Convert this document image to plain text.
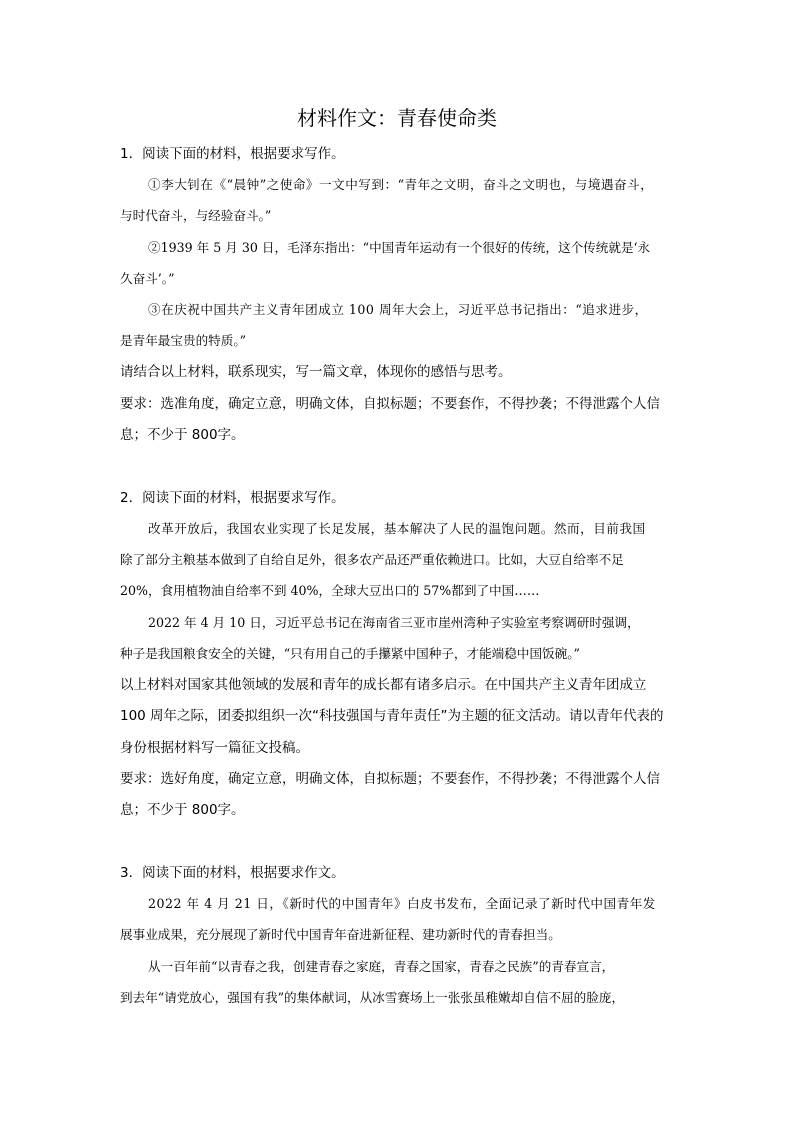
材料作文：青春使命类
1．阅读下面的材料，根据要求写作。
①李大钊在《“晨钟”之使命》一文中写到：“青年之文明，奋斗之文明也，与境遇奋斗，
与时代奋斗，与经验奋斗。”
②1939 年 5 月 30 日，毛泽东指出：“中国青年运动有一个很好的传统，这个传统就是‘永
久奋斗’。”
③在庆祝中国共产主义青年团成立 100 周年大会上，习近平总书记指出：“追求进步，
是青年最宝贵的特质。”
请结合以上材料，联系现实，写一篇文章，体现你的感悟与思考。
要求：选准角度，确定立意，明确文体，自拟标题；不要套作，不得抄袭；不得泄露个人信
息；不少于 800字。
2．阅读下面的材料，根据要求写作。
改革开放后，我国农业实现了长足发展，基本解决了人民的温饱问题。然而，目前我国
除了部分主粮基本做到了自给自足外，很多农产品还严重依赖进口。比如，大豆自给率不足
20%，食用植物油自给率不到 40%，全球大豆出口的 57%都到了中国……
2022 年 4 月 10 日，习近平总书记在海南省三亚市崖州湾种子实验室考察调研时强调，
种子是我国粮食安全的关键，“只有用自己的手攥紧中国种子，才能端稳中国饭碗。”
以上材料对国家其他领域的发展和青年的成长都有诸多启示。在中国共产主义青年团成立
100 周年之际，团委拟组织一次“科技强国与青年责任”为主题的征文活动。请以青年代表的
身份根据材料写一篇征文投稿。
要求：选好角度，确定立意，明确文体，自拟标题；不要套作，不得抄袭；不得泄露个人信
息；不少于 800字。
3．阅读下面的材料，根据要求作文。
2022 年 4 月 21 日，《新时代的中国青年》白皮书发布，全面记录了新时代中国青年发
展事业成果，充分展现了新时代中国青年奋进新征程、建功新时代的青春担当。
从一百年前“以青春之我，创建青春之家庭，青春之国家，青春之民族”的青春宣言，
到去年“请党放心，强国有我”的集体献词，从冰雪赛场上一张张虽稚嫩却自信不屈的脸庞，
